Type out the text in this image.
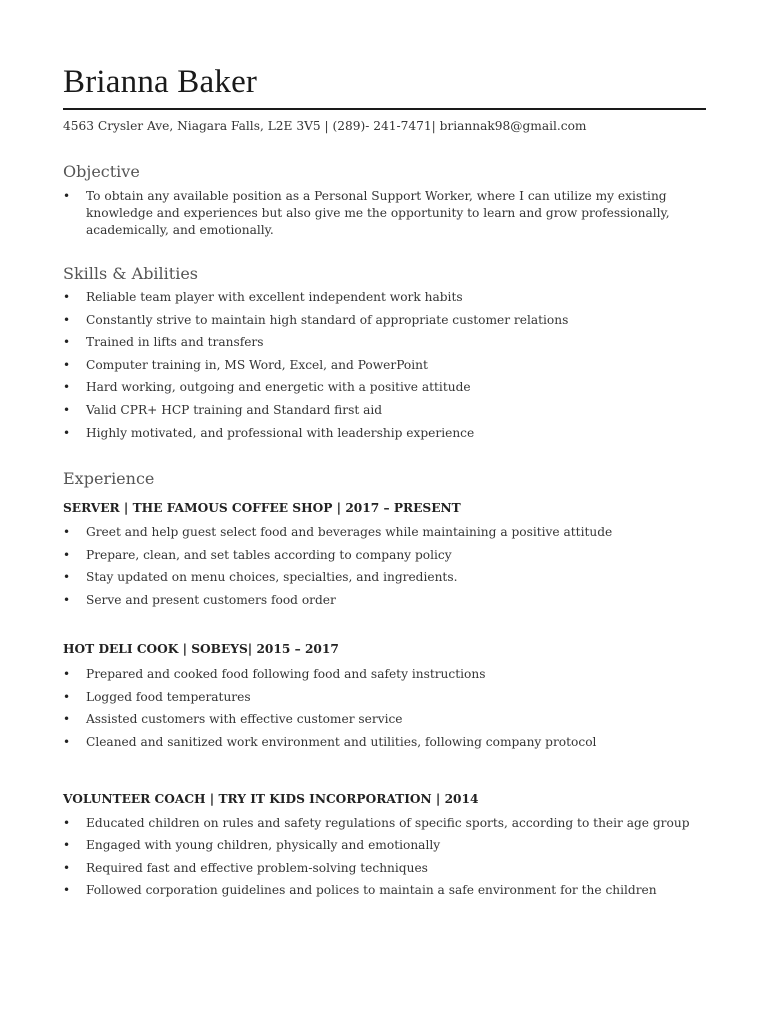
Brianna Baker
4563 Crysler Ave, Niagara Falls, L2E 3V5 | (289)- 241-7471| briannak98@gmail.com
Objective
• To obtain any available position as a Personal Support Worker, where I can utilize my existing knowledge and experiences but also give me the opportunity to learn and grow professionally, academically, and emotionally.
Skills & Abilities
• Reliable team player with excellent independent work habits
• Constantly strive to maintain high standard of appropriate customer relations
• Trained in lifts and transfers
• Computer training in, MS Word, Excel, and PowerPoint
• Hard working, outgoing and energetic with a positive attitude
• Valid CPR+ HCP training and Standard first aid
• Highly motivated, and professional with leadership experience
Experience
SERVER | THE FAMOUS COFFEE SHOP | 2017 – PRESENT
• Greet and help guest select food and beverages while maintaining a positive attitude
• Prepare, clean, and set tables according to company policy
• Stay updated on menu choices, specialties, and ingredients.
• Serve and present customers food order
HOT DELI COOK | SOBEYS| 2015 – 2017
• Prepared and cooked food following food and safety instructions
• Logged food temperatures
• Assisted customers with effective customer service
• Cleaned and sanitized work environment and utilities, following company protocol
VOLUNTEER COACH | TRY IT KIDS INCORPORATION | 2014
• Educated children on rules and safety regulations of specific sports, according to their age group
• Engaged with young children, physically and emotionally
• Required fast and effective problem-solving techniques
• Followed corporation guidelines and polices to maintain a safe environment for the children
